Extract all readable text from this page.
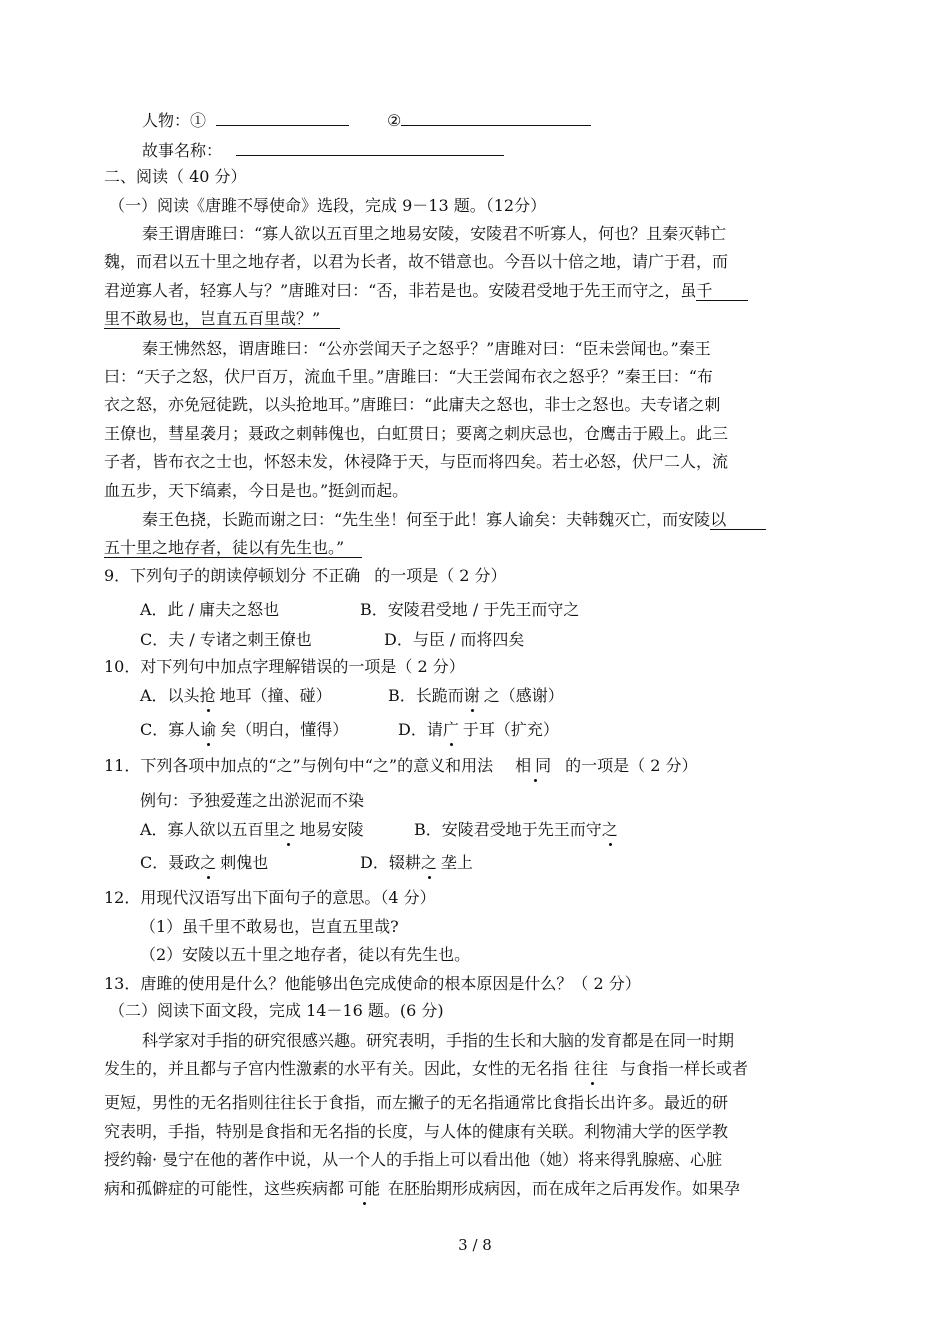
人物：①	②
故事名称：
二、阅读（ 40 分）
（一）阅读《唐雎不辱使命》选段，完成 9－13 题。（12分）
秦王谓唐雎曰：“寡人欲以五百里之地易安陵，安陵君不听寡人，何也？且秦灭韩亡
魏，而君以五十里之地存者，以君为长者，故不错意也。今吾以十倍之地，请广于君，而
君逆寡人者，轻寡人与？”唐雎对曰：“否，非若是也。安陵君受地于先王而守之，虽千
里不敢易也，岂直五百里哉？”
秦王怫然怒，谓唐雎曰：“公亦尝闻天子之怒乎？”唐雎对曰：“臣未尝闻也。”秦王
曰：“天子之怒，伏尸百万，流血千里。”唐雎曰：“大王尝闻布衣之怒乎？”秦王曰：“布
衣之怒，亦免冠徒跣，以头抢地耳。”唐雎曰：“此庸夫之怒也，非士之怒也。夫专诸之刺
王僚也，彗星袭月；聂政之刺韩傀也，白虹贯日；要离之刺庆忌也，仓鹰击于殿上。此三
子者，皆布衣之士也，怀怒未发，休祲降于天，与臣而将四矣。若士必怒，伏尸二人，流
血五步，天下缟素，今日是也。”挺剑而起。
秦王色挠，长跪而谢之曰：“先生坐！何至于此！寡人谕矣：夫韩魏灭亡，而安陵以
五十里之地存者，徒以有先生也。”
9．下列句子的朗读停顿划分 不正确 的一项是（ 2 分）
A．此 / 庸夫之怒也	B．安陵君受地 / 于先王而守之
C．夫 / 专诸之刺王僚也	D．与臣 / 而将四矣
10．对下列句中加点字理解错误的一项是（ 2 分）
A．以头抢 地耳（撞、碰）	B．长跪而谢 之（感谢）
C．寡人谕 矣（明白，懂得）	D．请广 于耳（扩充）
11．下列各项中加点的“之”与例句中“之”的意义和用法 相同 的一项是（ 2 分）
例句：予独爱莲之出淤泥而不染
A．寡人欲以五百里之 地易安陵	B．安陵君受地于先王而守之
C．聂政之 刺傀也	D．辍耕之 垄上
12．用现代汉语写出下面句子的意思。（4 分）
（1）虽千里不敢易也，岂直五里哉?
（2）安陵以五十里之地存者，徒以有先生也。
13．唐雎的使用是什么？他能够出色完成使命的根本原因是什么？（ 2 分）
（二）阅读下面文段，完成 14－16 题。(6 分)
科学家对手指的研究很感兴趣。研究表明，手指的生长和大脑的发育都是在同一时期
发生的，并且都与子宫内性激素的水平有关。因此，女性的无名指 往往 与食指一样长或者
更短，男性的无名指则往往长于食指，而左撇子的无名指通常比食指长出许多。最近的研
究表明，手指，特别是食指和无名指的长度，与人体的健康有关联。利物浦大学的医学教
授约翰· 曼宁在他的著作中说，从一个人的手指上可以看出他（她）将来得乳腺癌、心脏
病和孤僻症的可能性，这些疾病都 可能 在胚胎期形成病因，而在成年之后再发作。如果孕
3 / 8
